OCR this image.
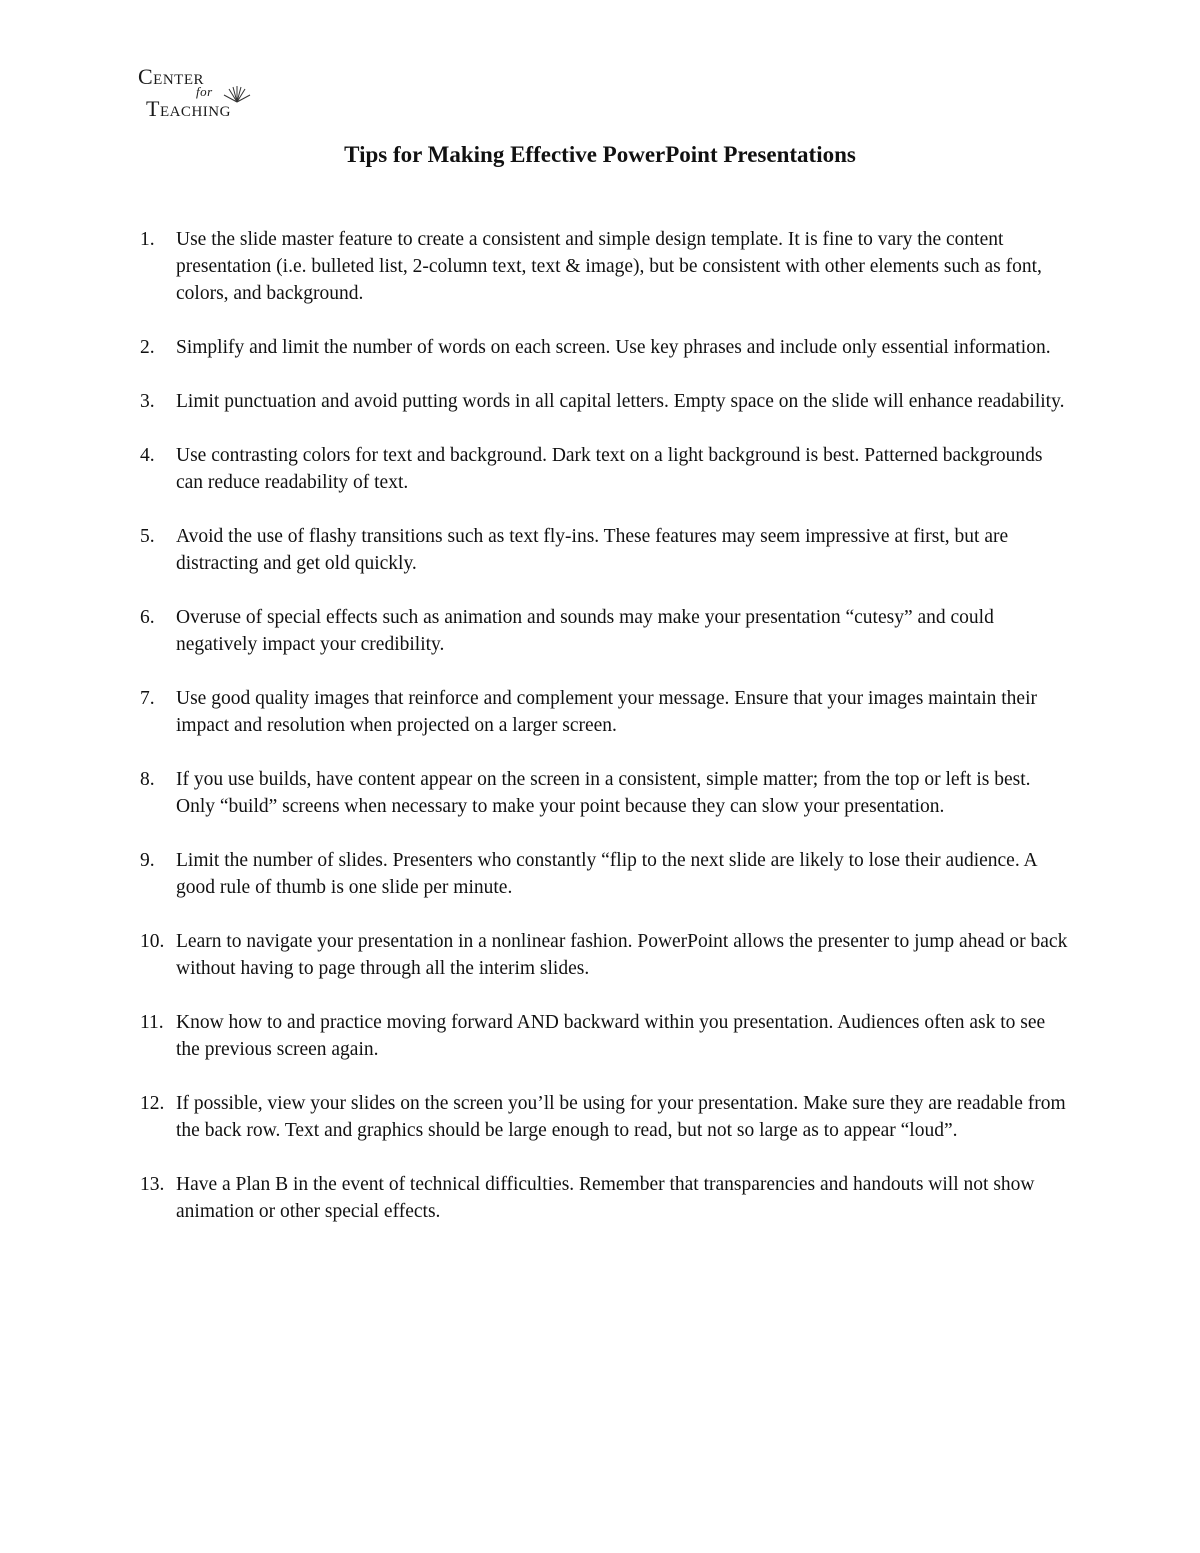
Center
for
Teaching
Tips for Making Effective PowerPoint Presentations
1. Use the slide master feature to create a consistent and simple design template. It is fine to vary the content presentation (i.e. bulleted list, 2-column text, text & image), but be consistent with other elements such as font, colors, and background.
2. Simplify and limit the number of words on each screen. Use key phrases and include only essential information.
3. Limit punctuation and avoid putting words in all capital letters. Empty space on the slide will enhance readability.
4. Use contrasting colors for text and background. Dark text on a light background is best. Patterned backgrounds can reduce readability of text.
5. Avoid the use of flashy transitions such as text fly-ins. These features may seem impressive at first, but are distracting and get old quickly.
6. Overuse of special effects such as animation and sounds may make your presentation “cutesy” and could negatively impact your credibility.
7. Use good quality images that reinforce and complement your message. Ensure that your images maintain their impact and resolution when projected on a larger screen.
8. If you use builds, have content appear on the screen in a consistent, simple matter; from the top or left is best. Only “build” screens when necessary to make your point because they can slow your presentation.
9. Limit the number of slides. Presenters who constantly “flip to the next slide are likely to lose their audience. A good rule of thumb is one slide per minute.
10. Learn to navigate your presentation in a nonlinear fashion. PowerPoint allows the presenter to jump ahead or back without having to page through all the interim slides.
11. Know how to and practice moving forward AND backward within you presentation. Audiences often ask to see the previous screen again.
12. If possible, view your slides on the screen you’ll be using for your presentation. Make sure they are readable from the back row. Text and graphics should be large enough to read, but not so large as to appear “loud”.
13. Have a Plan B in the event of technical difficulties. Remember that transparencies and handouts will not show animation or other special effects.
